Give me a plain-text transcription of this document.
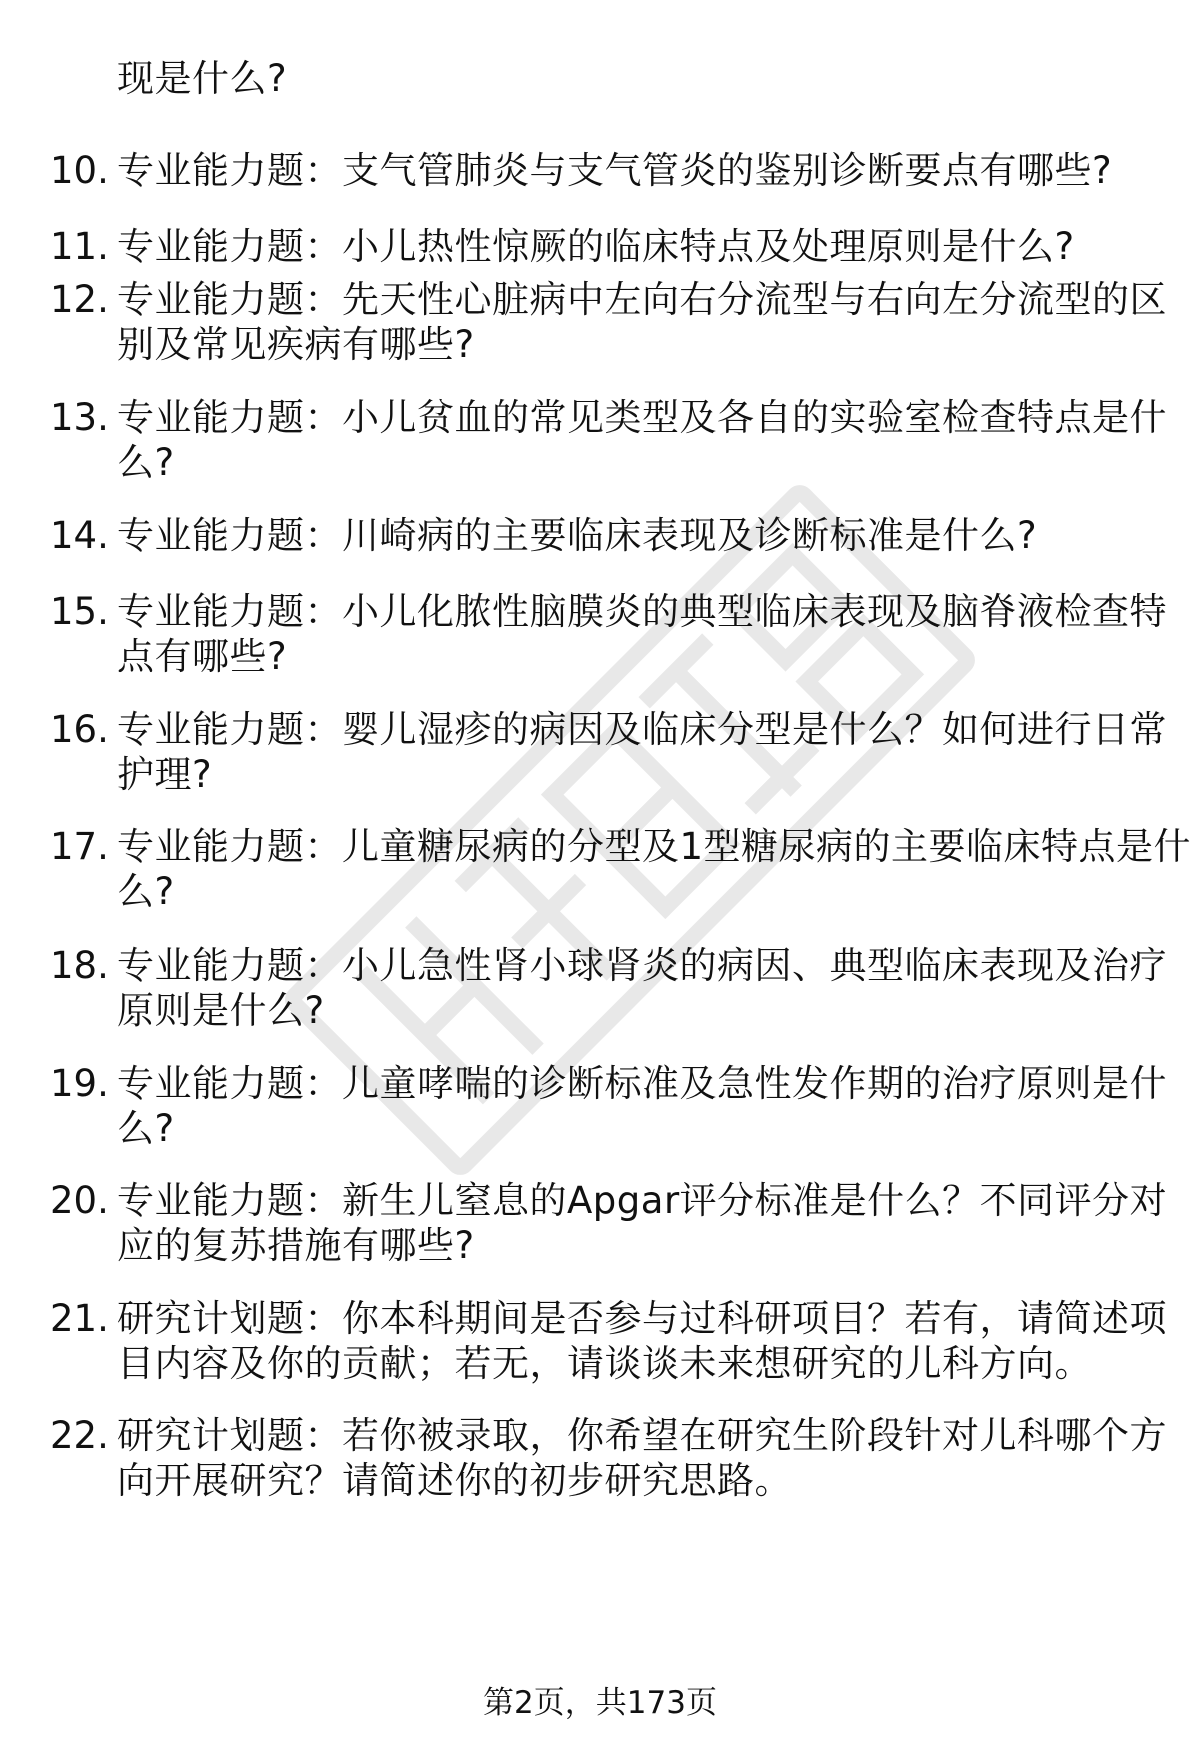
现是什么?
10. 专业能力题：支气管肺炎与支气管炎的鉴别诊断要点有哪些?
11. 专业能力题：小儿热性惊厥的临床特点及处理原则是什么?
12. 专业能力题：先天性心脏病中左向右分流型与右向左分流型的区
别及常见疾病有哪些?
13. 专业能力题：小儿贫血的常见类型及各自的实验室检查特点是什
么?
14. 专业能力题：川崎病的主要临床表现及诊断标准是什么?
15. 专业能力题：小儿化脓性脑膜炎的典型临床表现及脑脊液检查特
点有哪些?
16. 专业能力题：婴儿湿疹的病因及临床分型是什么？如何进行日常
护理?
17. 专业能力题：儿童糖尿病的分型及1型糖尿病的主要临床特点是什
么?
18. 专业能力题：小儿急性肾小球肾炎的病因、典型临床表现及治疗
原则是什么?
19. 专业能力题：儿童哮喘的诊断标准及急性发作期的治疗原则是什
么?
20. 专业能力题：新生儿窒息的Apgar评分标准是什么？不同评分对
应的复苏措施有哪些?
21. 研究计划题：你本科期间是否参与过科研项目？若有，请简述项
目内容及你的贡献；若无，请谈谈未来想研究的儿科方向。
22. 研究计划题：若你被录取，你希望在研究生阶段针对儿科哪个方
向开展研究？请简述你的初步研究思路。
第2页，共173页
